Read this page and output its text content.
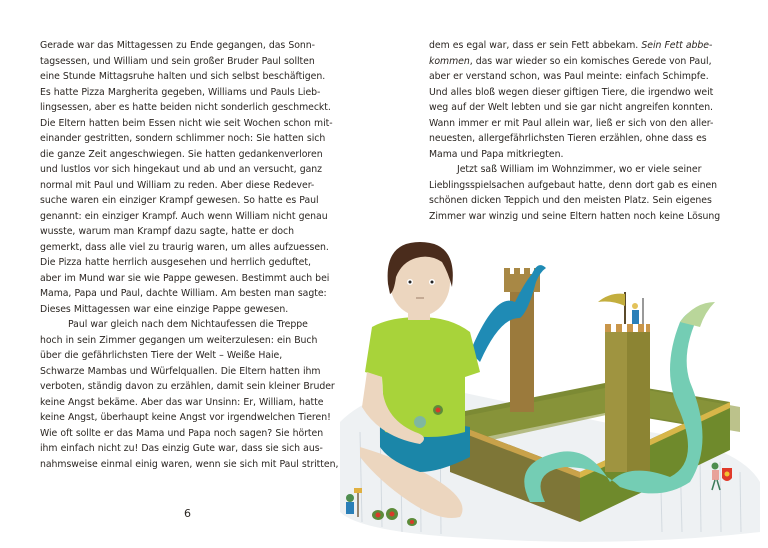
Gerade war das Mittagessen zu Ende gegangen, das Sonn-
tagsessen, und William und sein großer Bruder Paul sollten
eine Stunde Mittagsruhe halten und sich selbst beschäftigen.
Es hatte Pizza Margherita gegeben, Williams und Pauls Lieb-
lingsessen, aber es hatte beiden nicht sonderlich geschmeckt.
Die Eltern hatten beim Essen nicht wie seit Wochen schon mit-
einander gestritten, sondern schlimmer noch: Sie hatten sich
die ganze Zeit angeschwiegen. Sie hatten gedankenverloren
und lustlos vor sich hingekaut und ab und an versucht, ganz
normal mit Paul und William zu reden. Aber diese Redever-
suche waren ein einziger Krampf gewesen. So hatte es Paul
genannt: ein einziger Krampf. Auch wenn William nicht genau
wusste, warum man Krampf dazu sagte, hatte er doch
gemerkt, dass alle viel zu traurig waren, um alles aufzuessen.
Die Pizza hatte herrlich ausgesehen und herrlich geduftet,
aber im Mund war sie wie Pappe gewesen. Bestimmt auch bei
Mama, Papa und Paul, dachte William. Am besten man sagte:
Dieses Mittagessen war eine einzige Pappe gewesen.
Paul war gleich nach dem Nichtaufessen die Treppe
hoch in sein Zimmer gegangen um weiterzulesen: ein Buch
über die gefährlichsten Tiere der Welt – Weiße Haie,
Schwarze Mambas und Würfelquallen. Die Eltern hatten ihm
verboten, ständig davon zu erzählen, damit sein kleiner Bruder
keine Angst bekäme. Aber das war Unsinn: Er, William, hatte
keine Angst, überhaupt keine Angst vor irgendwelchen Tieren!
Wie oft sollte er das Mama und Papa noch sagen? Sie hörten
ihm einfach nicht zu! Das einzig Gute war, dass sie sich aus-
nahmsweise einmal einig waren, wenn sie sich mit Paul stritten,
6
dem es egal war, dass er sein Fett abbekam. Sein Fett abbe-
kommen, das war wieder so ein komisches Gerede von Paul,
aber er verstand schon, was Paul meinte: einfach Schimpfe.
Und alles bloß wegen dieser giftigen Tiere, die irgendwo weit
weg auf der Welt lebten und sie gar nicht angreifen konnten.
Wann immer er mit Paul allein war, ließ er sich von den aller-
neuesten, allergefährlichsten Tieren erzählen, ohne dass es
Mama und Papa mitkriegten.
Jetzt saß William im Wohnzimmer, wo er viele seiner
Lieblingsspielsachen aufgebaut hatte, denn dort gab es einen
schönen dicken Teppich und den meisten Platz. Sein eigenes
Zimmer war winzig und seine Eltern hatten noch keine Lösung
